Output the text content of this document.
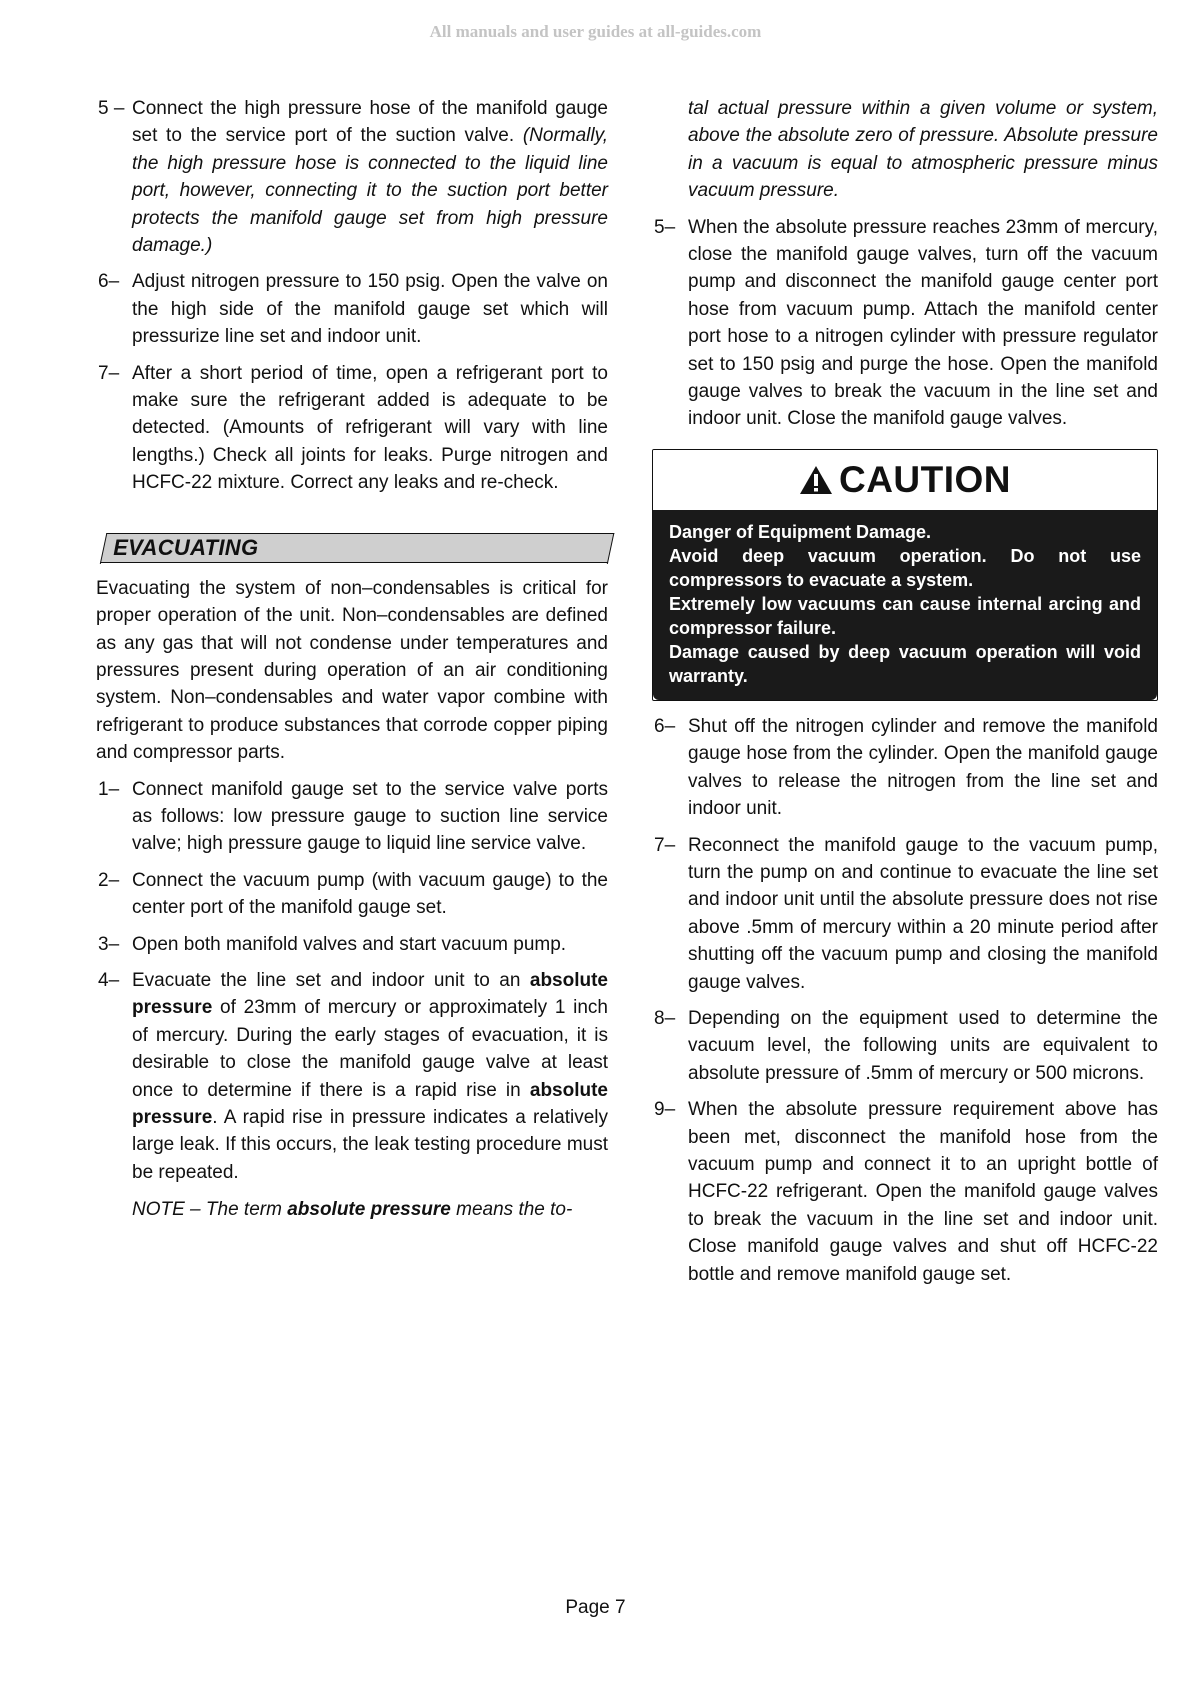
All manuals and user guides at all-guides.com
5 – Connect the high pressure hose of the manifold gauge set to the service port of the suction valve. (Normally, the high pressure hose is connected to the liquid line port, however, connecting it to the suction port better protects the manifold gauge set from high pressure damage.)
6– Adjust nitrogen pressure to 150 psig. Open the valve on the high side of the manifold gauge set which will pressurize line set and indoor unit.
7– After a short period of time, open a refrigerant port to make sure the refrigerant added is adequate to be detected. (Amounts of refrigerant will vary with line lengths.) Check all joints for leaks. Purge nitrogen and HCFC-22 mixture. Correct any leaks and re-check.
EVACUATING
Evacuating the system of non–condensables is critical for proper operation of the unit. Non–condensables are defined as any gas that will not condense under temperatures and pressures present during operation of an air conditioning system. Non–condensables and water vapor combine with refrigerant to produce substances that corrode copper piping and compressor parts.
1– Connect manifold gauge set to the service valve ports as follows: low pressure gauge to suction line service valve; high pressure gauge to liquid line service valve.
2– Connect the vacuum pump (with vacuum gauge) to the center port of the manifold gauge set.
3– Open both manifold valves and start vacuum pump.
4– Evacuate the line set and indoor unit to an absolute pressure of 23mm of mercury or approximately 1 inch of mercury. During the early stages of evacuation, it is desirable to close the manifold gauge valve at least once to determine if there is a rapid rise in absolute pressure. A rapid rise in pressure indicates a relatively large leak. If this occurs, the leak testing procedure must be repeated.
NOTE – The term absolute pressure means the to-
tal actual pressure within a given volume or system, above the absolute zero of pressure. Absolute pressure in a vacuum is equal to atmospheric pressure minus vacuum pressure.
5– When the absolute pressure reaches 23mm of mercury, close the manifold gauge valves, turn off the vacuum pump and disconnect the manifold gauge center port hose from vacuum pump. Attach the manifold center port hose to a nitrogen cylinder with pressure regulator set to 150 psig and purge the hose. Open the manifold gauge valves to break the vacuum in the line set and indoor unit. Close the manifold gauge valves.
CAUTION
Danger of Equipment Damage.
Avoid deep vacuum operation. Do not use compressors to evacuate a system.
Extremely low vacuums can cause internal arcing and compressor failure.
Damage caused by deep vacuum operation will void warranty.
6– Shut off the nitrogen cylinder and remove the manifold gauge hose from the cylinder. Open the manifold gauge valves to release the nitrogen from the line set and indoor unit.
7– Reconnect the manifold gauge to the vacuum pump, turn the pump on and continue to evacuate the line set and indoor unit until the absolute pressure does not rise above .5mm of mercury within a 20 minute period after shutting off the vacuum pump and closing the manifold gauge valves.
8– Depending on the equipment used to determine the vacuum level, the following units are equivalent to absolute pressure of .5mm of mercury or 500 microns.
9– When the absolute pressure requirement above has been met, disconnect the manifold hose from the vacuum pump and connect it to an upright bottle of HCFC-22 refrigerant. Open the manifold gauge valves to break the vacuum in the line set and indoor unit. Close manifold gauge valves and shut off HCFC-22 bottle and remove manifold gauge set.
Page 7
